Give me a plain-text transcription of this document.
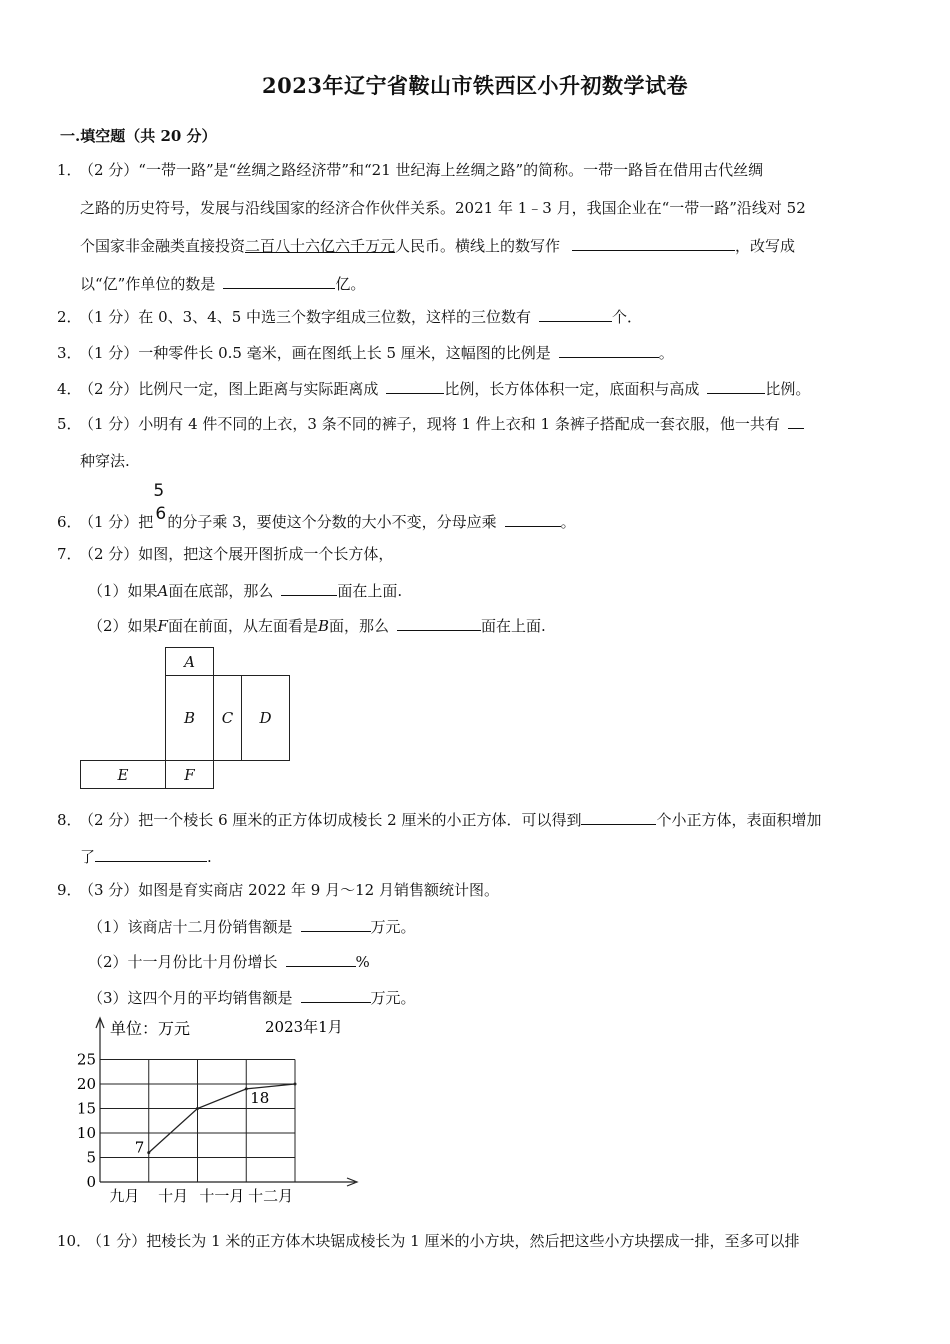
2023年辽宁省鞍山市铁西区小升初数学试卷
一.填空题（共 20 分）
1．（2 分）“一带一路”是“丝绸之路经济带”和“21 世纪海上丝绸之路”的简称。一带一路旨在借用古代丝绸
之路的历史符号，发展与沿线国家的经济合作伙伴关系。2021 年 1﹣3 月，我国企业在“一带一路”沿线对 52
个国家非金融类直接投资二百八十六亿六千万元人民币。横线上的数写作	，改写成
以“亿”作单位的数是	亿。
2．（1 分）在 0、3、4、5 中选三个数字组成三位数，这样的三位数有	个．
3．（1 分）一种零件长 0.5 毫米，画在图纸上长 5 厘米，这幅图的比例是	。
4．（2 分）比例尺一定，图上距离与实际距离成	比例，长方体体积一定，底面积与高成	比例。
5．（1 分）小明有 4 件不同的上衣，3 条不同的裤子，现将 1 件上衣和 1 条裤子搭配成一套衣服，他一共有
种穿法.
6．（1 分）把
5
6 的分子乘 3，要使这个分数的大小不变，分母应乘	。
7．（2 分）如图，把这个展开图折成一个长方体，
（1）如果A面在底部，那么	面在上面.
（2）如果F面在前面，从左面看是B面，那么	面在上面.
A
B	C	D
E	F
8．（2 分）把一个棱长 6 厘米的正方体切成棱长 2 厘米的小正方体．可以得到	个小正方体，表面积增加
了	.
9．（3 分）如图是育实商店 2022 年 9 月～12 月销售额统计图。
（1）该商店十二月份销售额是	万元。
（2）十一月份比十月份增长	%
（3）这四个月的平均销售额是	万元。
0
5
10
15
20
25
九月 十月 十一月 十二月
单位：万元	2023年1月
7
18
10．（1 分）把棱长为 1 米的正方体木块锯成棱长为 1 厘米的小方块，然后把这些小方块摆成一排，至多可以排
